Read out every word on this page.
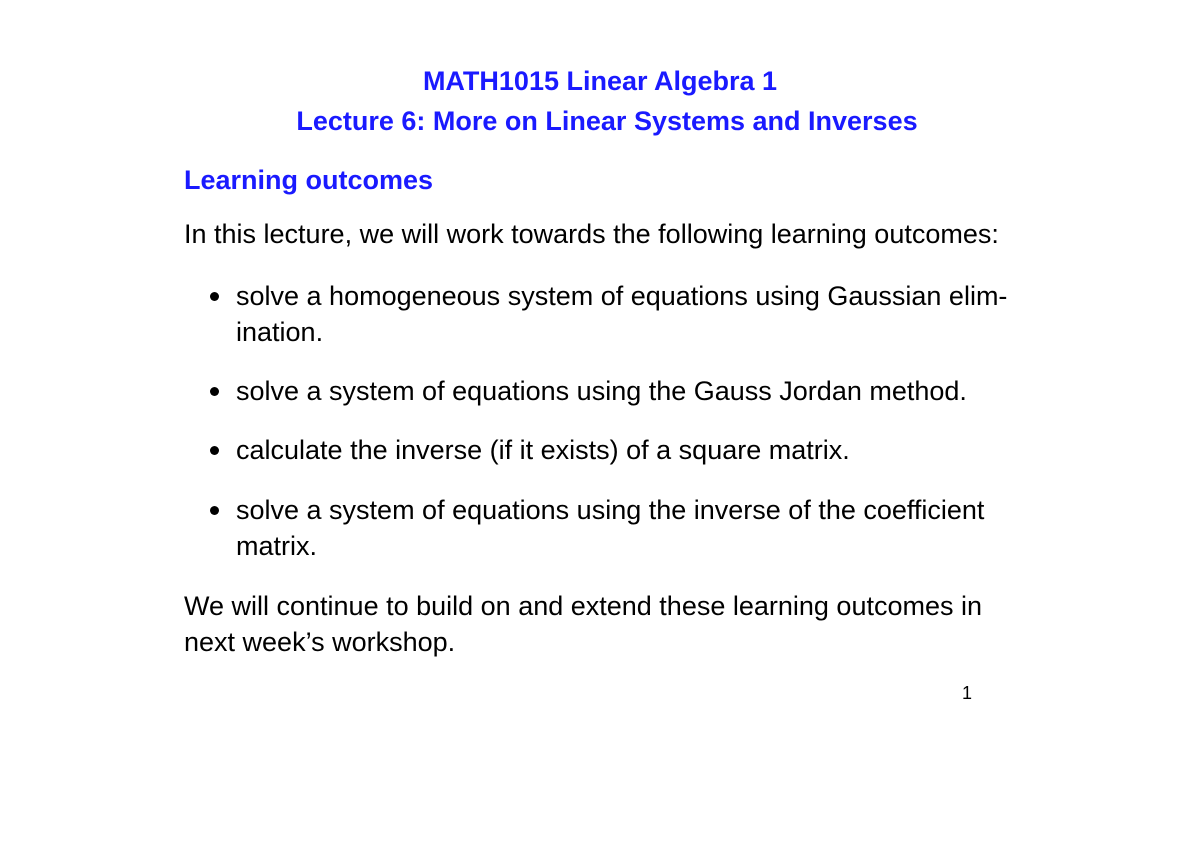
MATH1015 Linear Algebra 1
Lecture 6: More on Linear Systems and Inverses
Learning outcomes
In this lecture, we will work towards the following learning outcomes:
solve a homogeneous system of equations using Gaussian elim-
ination.
solve a system of equations using the Gauss Jordan method.
calculate the inverse (if it exists) of a square matrix.
solve a system of equations using the inverse of the coefficient
matrix.
We will continue to build on and extend these learning outcomes in
next week’s workshop.
1
